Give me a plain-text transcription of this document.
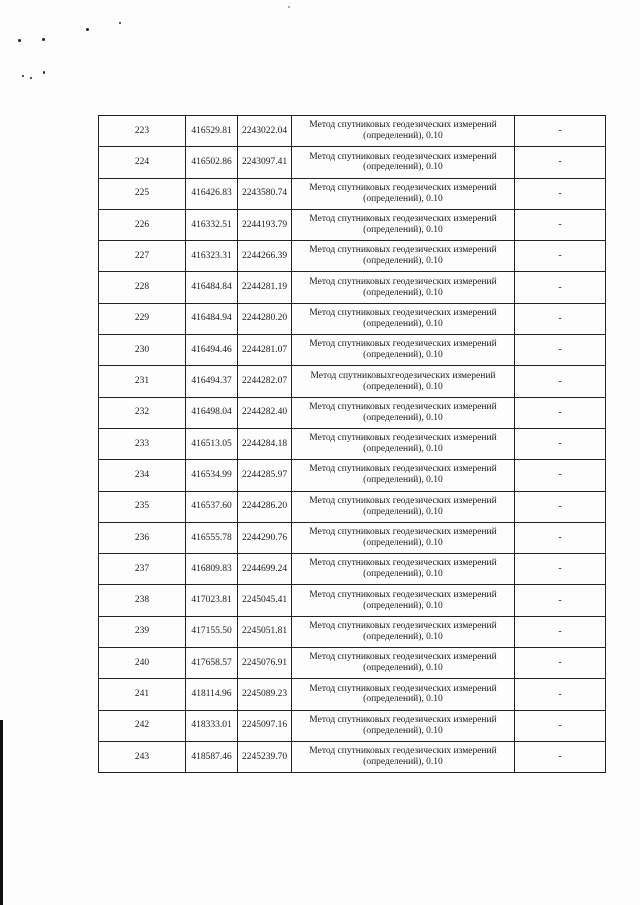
223	416529.81	2243022.04	Метод спутниковых геодезических измерений (определений), 0.10	-
224	416502.86	2243097.41	Метод спутниковых геодезических измерений (определений), 0.10	-
225	416426.83	2243580.74	Метод спутниковых геодезических измерений (определений), 0.10	-
226	416332.51	2244193.79	Метод спутниковых геодезических измерений (определений), 0.10	-
227	416323.31	2244266.39	Метод спутниковых геодезических измерений (определений), 0.10	-
228	416484.84	2244281.19	Метод спутниковых геодезических измерений (определений), 0.10	-
229	416484.94	2244280.20	Метод спутниковых геодезических измерений (определений), 0.10	-
230	416494.46	2244281.07	Метод спутниковых геодезических измерений (определений), 0.10	-
231	416494.37	2244282.07	Метод спутниковыхгеодезических измерений (определений), 0.10	-
232	416498.04	2244282.40	Метод спутниковых геодезических измерений (определений), 0.10	-
233	416513.05	2244284.18	Метод спутниковых геодезических измерений (определений), 0.10	-
234	416534.99	2244285.97	Метод спутниковых геодезических измерений (определений), 0.10	-
235	416537.60	2244286.20	Метод спутниковых геодезических измерений (определений), 0.10	-
236	416555.78	2244290.76	Метод спутниковых геодезических измерений (определений), 0.10	-
237	416809.83	2244699.24	Метод спутниковых геодезических измерений (определений), 0.10	-
238	417023.81	2245045.41	Метод спутниковых геодезических измерений (определений), 0.10	-
239	417155.50	2245051.81	Метод спутниковых геодезических измерений (определений), 0.10	-
240	417658.57	2245076.91	Метод спутниковых геодезических измерений (определений), 0.10	-
241	418114.96	2245089.23	Метод спутниковых геодезических измерений (определений), 0.10	-
242	418333.01	2245097.16	Метод спутниковых геодезических измерений (определений), 0.10	-
243	418587.46	2245239.70	Метод спутниковых геодезических измерений (определений), 0.10	-
